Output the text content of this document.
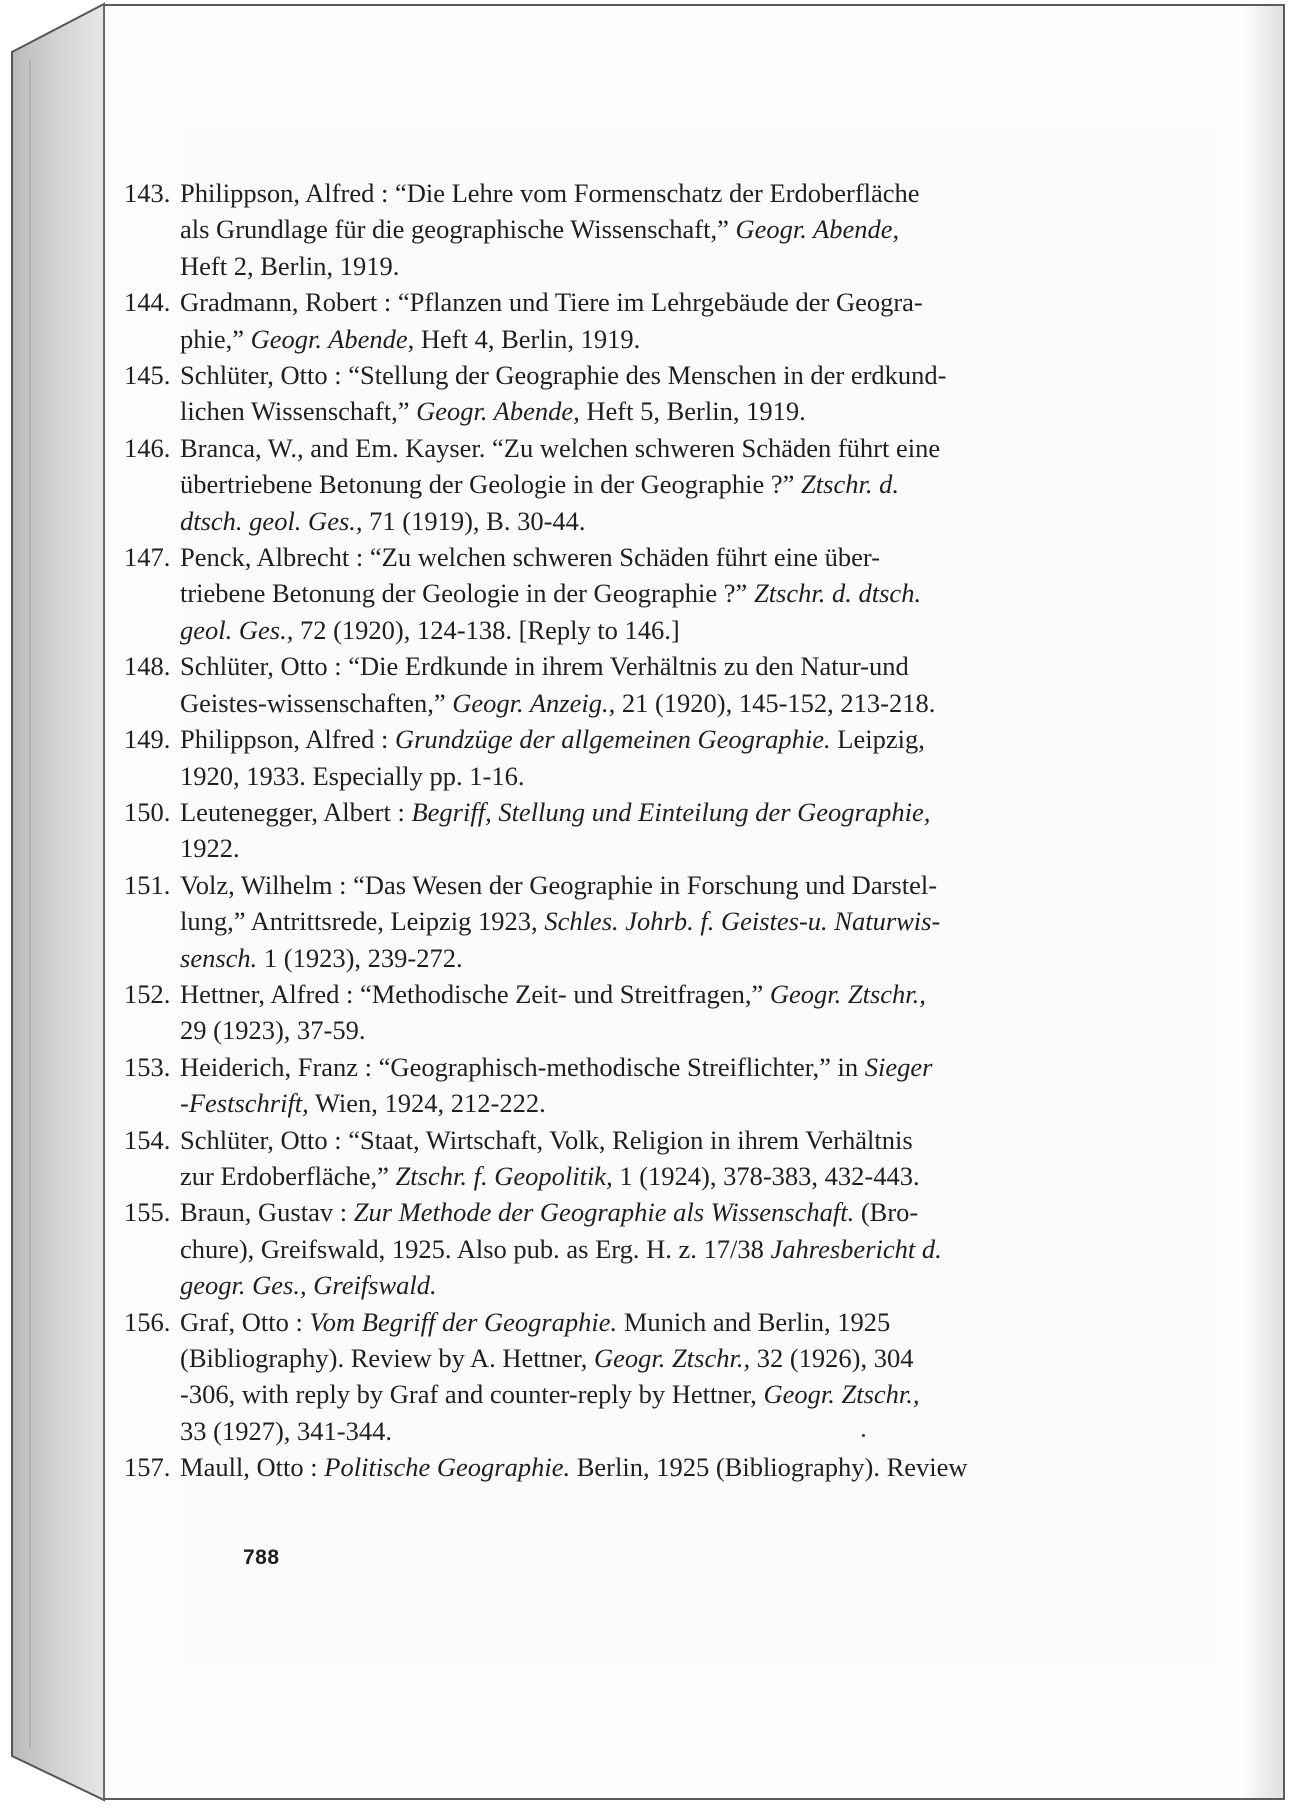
143. Philippson, Alfred : “Die Lehre vom Formenschatz der Erdoberfläche
als Grundlage für die geographische Wissenschaft,” Geogr. Abende,
Heft 2, Berlin, 1919.
144. Gradmann, Robert : “Pflanzen und Tiere im Lehrgebäude der Geogra-
phie,” Geogr. Abende, Heft 4, Berlin, 1919.
145. Schlüter, Otto : “Stellung der Geographie des Menschen in der erdkund-
lichen Wissenschaft,” Geogr. Abende, Heft 5, Berlin, 1919.
146. Branca, W., and Em. Kayser. “Zu welchen schweren Schäden führt eine
übertriebene Betonung der Geologie in der Geographie ?” Ztschr. d.
dtsch. geol. Ges., 71 (1919), B. 30-44.
147. Penck, Albrecht : “Zu welchen schweren Schäden führt eine über-
triebene Betonung der Geologie in der Geographie ?” Ztschr. d. dtsch.
geol. Ges., 72 (1920), 124-138. [Reply to 146.]
148. Schlüter, Otto : “Die Erdkunde in ihrem Verhältnis zu den Natur-und
Geistes-wissenschaften,” Geogr. Anzeig., 21 (1920), 145-152, 213-218.
149. Philippson, Alfred : Grundzüge der allgemeinen Geographie. Leipzig,
1920, 1933. Especially pp. 1-16.
150. Leutenegger, Albert : Begriff, Stellung und Einteilung der Geographie,
1922.
151. Volz, Wilhelm : “Das Wesen der Geographie in Forschung und Darstel-
lung,” Antrittsrede, Leipzig 1923, Schles. Johrb. f. Geistes-u. Naturwis-
sensch. 1 (1923), 239-272.
152. Hettner, Alfred : “Methodische Zeit- und Streitfragen,” Geogr. Ztschr.,
29 (1923), 37-59.
153. Heiderich, Franz : “Geographisch-methodische Streiflichter,” in Sieger
-Festschrift, Wien, 1924, 212-222.
154. Schlüter, Otto : “Staat, Wirtschaft, Volk, Religion in ihrem Verhältnis
zur Erdoberfläche,” Ztschr. f. Geopolitik, 1 (1924), 378-383, 432-443.
155. Braun, Gustav : Zur Methode der Geographie als Wissenschaft. (Bro-
chure), Greifswald, 1925. Also pub. as Erg. H. z. 17/38 Jahresbericht d.
geogr. Ges., Greifswald.
156. Graf, Otto : Vom Begriff der Geographie. Munich and Berlin, 1925
(Bibliography). Review by A. Hettner, Geogr. Ztschr., 32 (1926), 304
-306, with reply by Graf and counter-reply by Hettner, Geogr. Ztschr.,
33 (1927), 341-344.
157. Maull, Otto : Politische Geographie. Berlin, 1925 (Bibliography). Review
788
